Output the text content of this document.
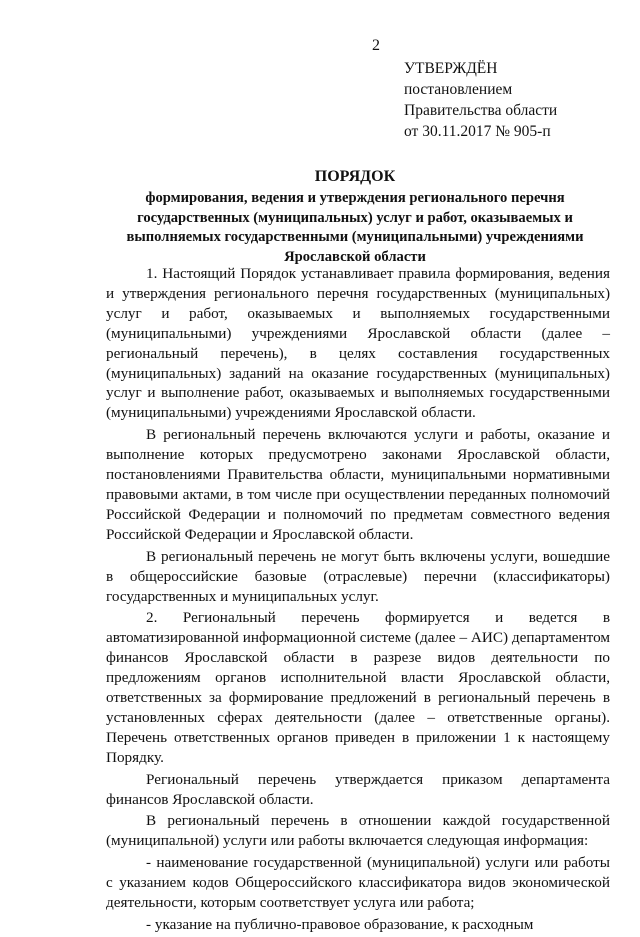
2
УТВЕРЖДЁН
постановлением
Правительства области
от 30.11.2017 № 905-п
ПОРЯДОК
формирования, ведения и утверждения регионального перечня государственных (муниципальных) услуг и работ, оказываемых и выполняемых государственными (муниципальными) учреждениями Ярославской области

1. Настоящий Порядок устанавливает правила формирования, ведения и утверждения регионального перечня государственных (муниципальных) услуг и работ, оказываемых и выполняемых государственными (муниципальными) учреждениями Ярославской области (далее – региональный перечень), в целях составления государственных (муниципальных) заданий на оказание государственных (муниципальных) услуг и выполнение работ, оказываемых и выполняемых государственными (муниципальными) учреждениями Ярославской области.

В региональный перечень включаются услуги и работы, оказание и выполнение которых предусмотрено законами Ярославской области, постановлениями Правительства области, муниципальными нормативными правовыми актами, в том числе при осуществлении переданных полномочий Российской Федерации и полномочий по предметам совместного ведения Российской Федерации и Ярославской области.

В региональный перечень не могут быть включены услуги, вошедшие в общероссийские базовые (отраслевые) перечни (классификаторы) государственных и муниципальных услуг.

2. Региональный перечень формируется и ведется в автоматизированной информационной системе (далее – АИС) департаментом финансов Ярославской области в разрезе видов деятельности по предложениям органов исполнительной власти Ярославской области, ответственных за формирование предложений в региональный перечень в установленных сферах деятельности (далее – ответственные органы). Перечень ответственных органов приведен в приложении 1 к настоящему Порядку.

Региональный перечень утверждается приказом департамента финансов Ярославской области.

В региональный перечень в отношении каждой государственной (муниципальной) услуги или работы включается следующая информация:

- наименование государственной (муниципальной) услуги или работы с указанием кодов Общероссийского классификатора видов экономической деятельности, которым соответствует услуга или работа;

- указание на публично-правовое образование, к расходным
